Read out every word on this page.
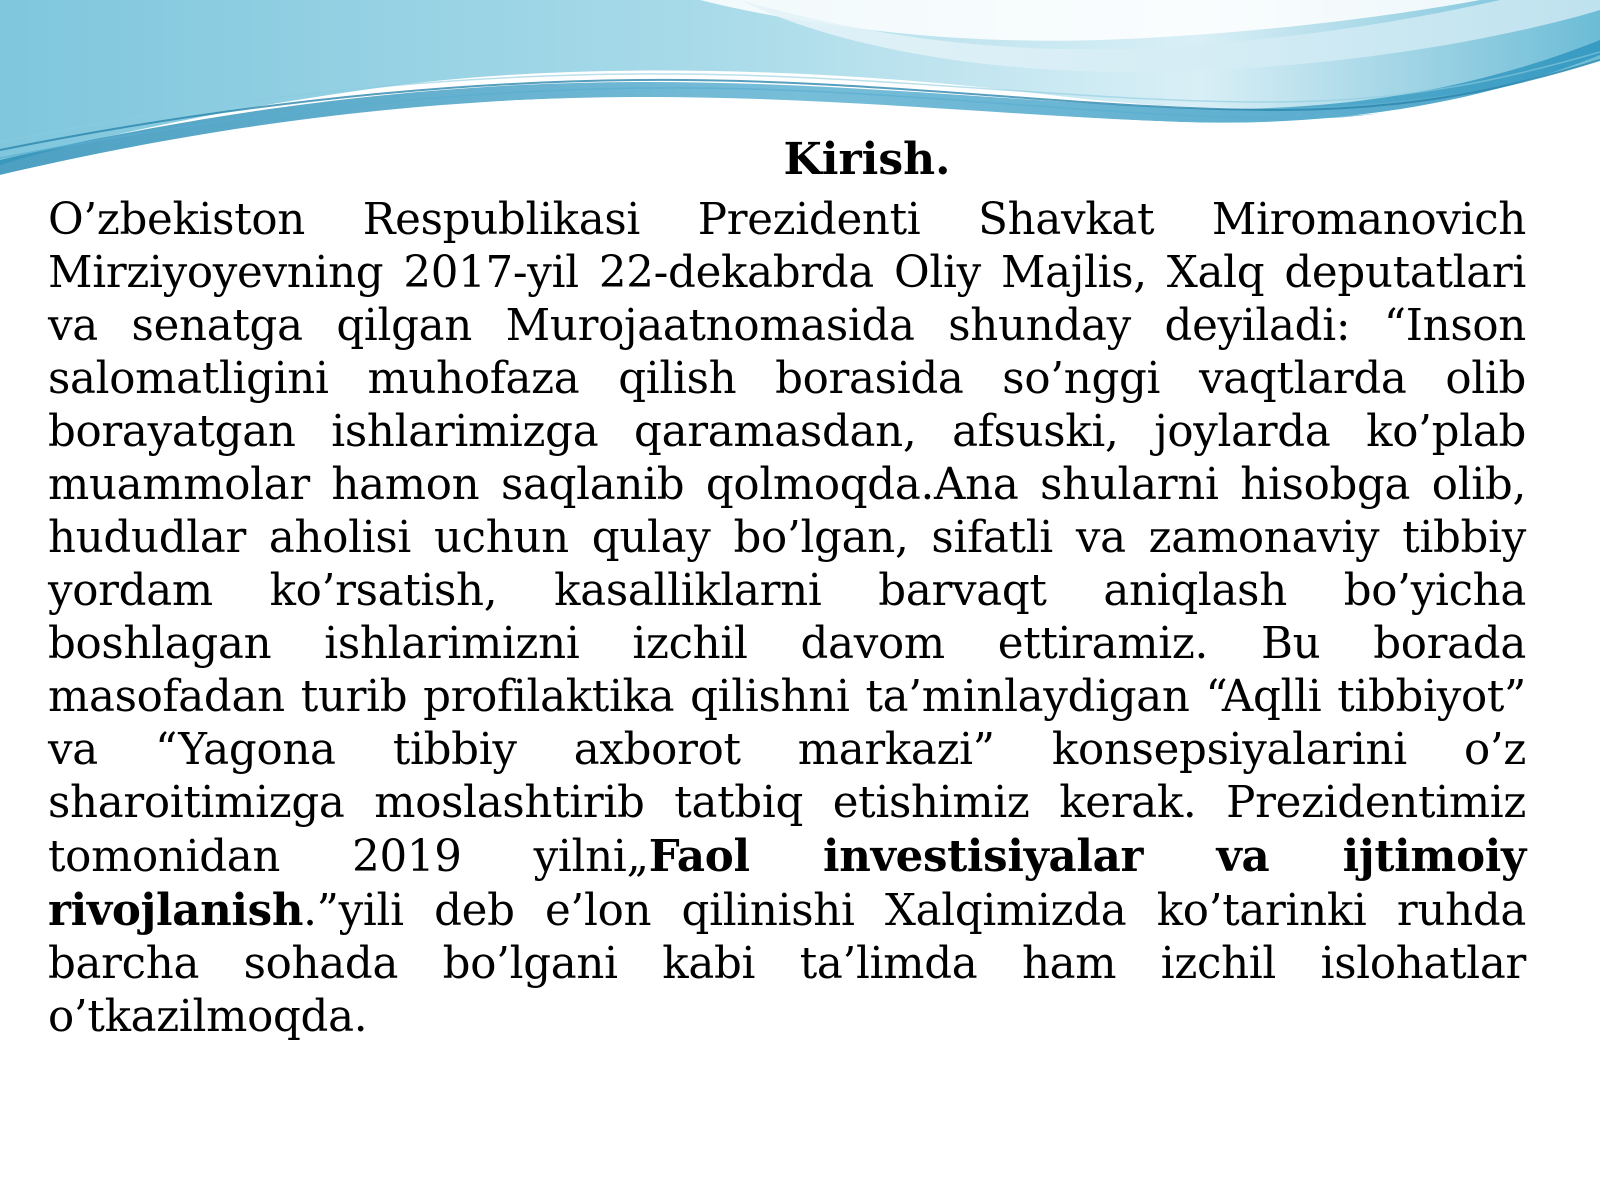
Kirish.

O’zbekiston Respublikasi Prezidenti Shavkat Miromanovich Mirziyoyevning 2017-yil 22-dekabrda Oliy Majlis, Xalq deputatlari va senatga qilgan Murojaatnomasida shunday deyiladi: “Inson salomatligini muhofaza qilish borasida so’nggi vaqtlarda olib borayatgan ishlarimizga qaramasdan, afsuski, joylarda ko’plab muammolar hamon saqlanib qolmoqda.Ana shularni hisobga olib, hududlar aholisi uchun qulay bo’lgan, sifatli va zamonaviy tibbiy yordam ko’rsatish, kasalliklarni barvaqt aniqlash bo’yicha boshlagan ishlarimizni izchil davom ettiramiz. Bu borada masofadan turib profilaktika qilishni ta’minlaydigan “Aqlli tibbiyot” va “Yagona tibbiy axborot markazi” konsepsiyalarini o’z sharoitimizga moslashtirib tatbiq etishimiz kerak. Prezidentimiz tomonidan 2019 yilni„Faol investisiyalar va ijtimoiy rivojlanish.”yili deb e’lon qilinishi Xalqimizda ko’tarinki ruhda barcha sohada bo’lgani kabi ta’limda ham izchil islohatlar o’tkazilmoqda.
